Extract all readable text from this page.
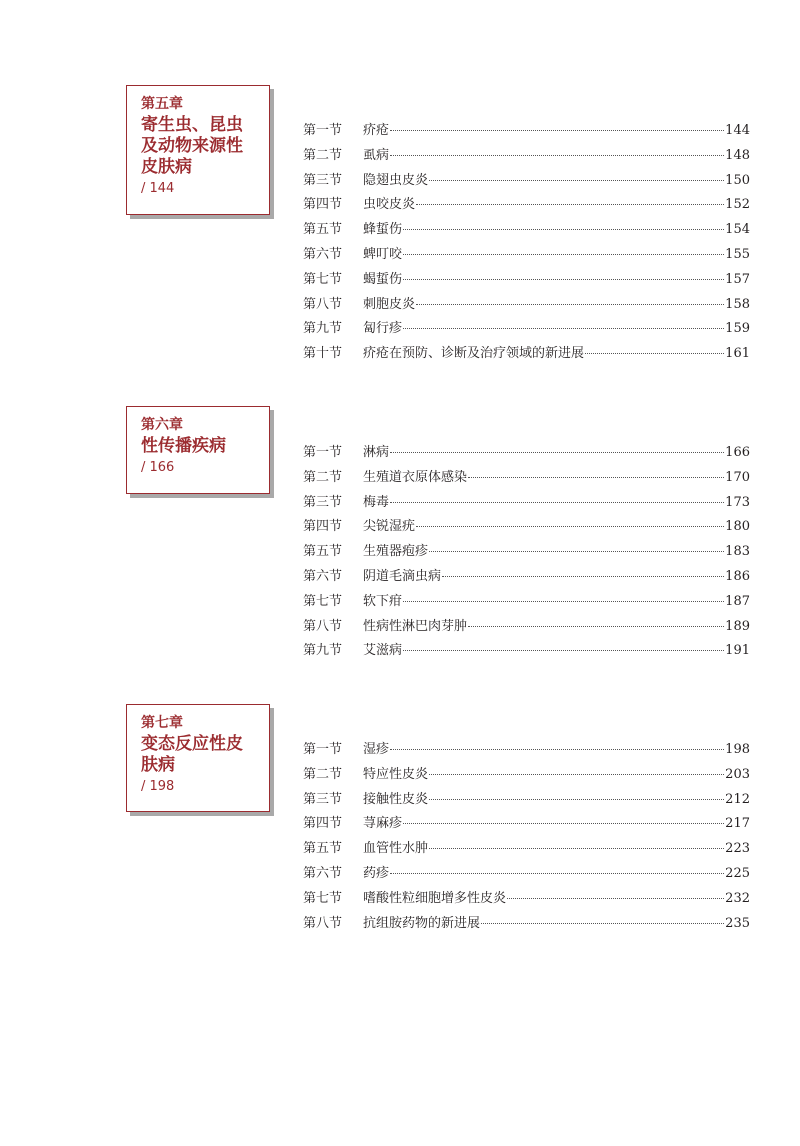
第五章
寄生虫、昆虫
及动物来源性
皮肤病
/ 144
第一节	疥疮	144
第二节	虱病	148
第三节	隐翅虫皮炎	150
第四节	虫咬皮炎	152
第五节	蜂蜇伤	154
第六节	蜱叮咬	155
第七节	蝎蜇伤	157
第八节	刺胞皮炎	158
第九节	匐行疹	159
第十节	疥疮在预防、诊断及治疗领域的新进展	161
第六章
性传播疾病
/ 166
第一节	淋病	166
第二节	生殖道衣原体感染	170
第三节	梅毒	173
第四节	尖锐湿疣	180
第五节	生殖器疱疹	183
第六节	阴道毛滴虫病	186
第七节	软下疳	187
第八节	性病性淋巴肉芽肿	189
第九节	艾滋病	191
第七章
变态反应性皮
肤病
/ 198
第一节	湿疹	198
第二节	特应性皮炎	203
第三节	接触性皮炎	212
第四节	荨麻疹	217
第五节	血管性水肿	223
第六节	药疹	225
第七节	嗜酸性粒细胞增多性皮炎	232
第八节	抗组胺药物的新进展	235
